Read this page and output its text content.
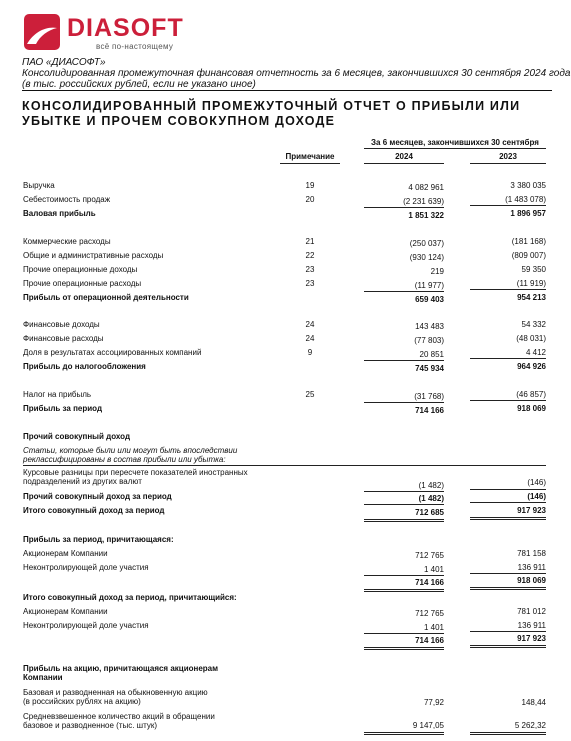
DIASOFT
всё по-настоящему
ПАО «ДИАСОФТ»
Консолидированная промежуточная финансовая отчетность за 6 месяцев, закончившихся 30 сентября 2024 года
(в тыс. российских рублей, если не указано иное)
КОНСОЛИДИРОВАННЫЙ ПРОМЕЖУТОЧНЫЙ ОТЧЕТ О ПРИБЫЛИ ИЛИ УБЫТКЕ И ПРОЧЕМ СОВОКУПНОМ ДОХОДЕ
За 6 месяцев, закончившихся 30 сентября
Примечание	2024	2023
Выручка	19	4 082 961	3 380 035
Себестоимость продаж	20	(2 231 639)	(1 483 078)
Валовая прибыль	1 851 322	1 896 957
Коммерческие расходы	21	(250 037)	(181 168)
Общие и административные расходы	22	(930 124)	(809 007)
Прочие операционные доходы	23	219	59 350
Прочие операционные расходы	23	(11 977)	(11 919)
Прибыль от операционной деятельности	659 403	954 213
Финансовые доходы	24	143 483	54 332
Финансовые расходы	24	(77 803)	(48 031)
Доля в результатах ассоциированных компаний	9	20 851	4 412
Прибыль до налогообложения	745 934	964 926
Налог на прибыль	25	(31 768)	(46 857)
Прибыль за период	714 166	918 069
Прочий совокупный доход
Статьи, которые были или могут быть впоследствии
реклассифицированы в состав прибыли или убытка:
Курсовые разницы при пересчете показателей иностранных
подразделений из других валют	(1 482)	(146)
Прочий совокупный доход за период	(1 482)	(146)
Итого совокупный доход за период	712 685	917 923
Прибыль за период, причитающаяся:
Акционерам Компании	712 765	781 158
Неконтролирующей доле участия	1 401	136 911
714 166	918 069
Итого совокупный доход за период, причитающийся:
Акционерам Компании	712 765	781 012
Неконтролирующей доле участия	1 401	136 911
714 166	917 923
Прибыль на акцию, причитающаяся акционерам
Компании
Базовая и разводненная на обыкновенную акцию
(в российских рублях на акцию)	77,92	148,44
Средневзвешенное количество акций в обращении
базовое и разводненное (тыс. штук)	9 147,05	5 262,32
